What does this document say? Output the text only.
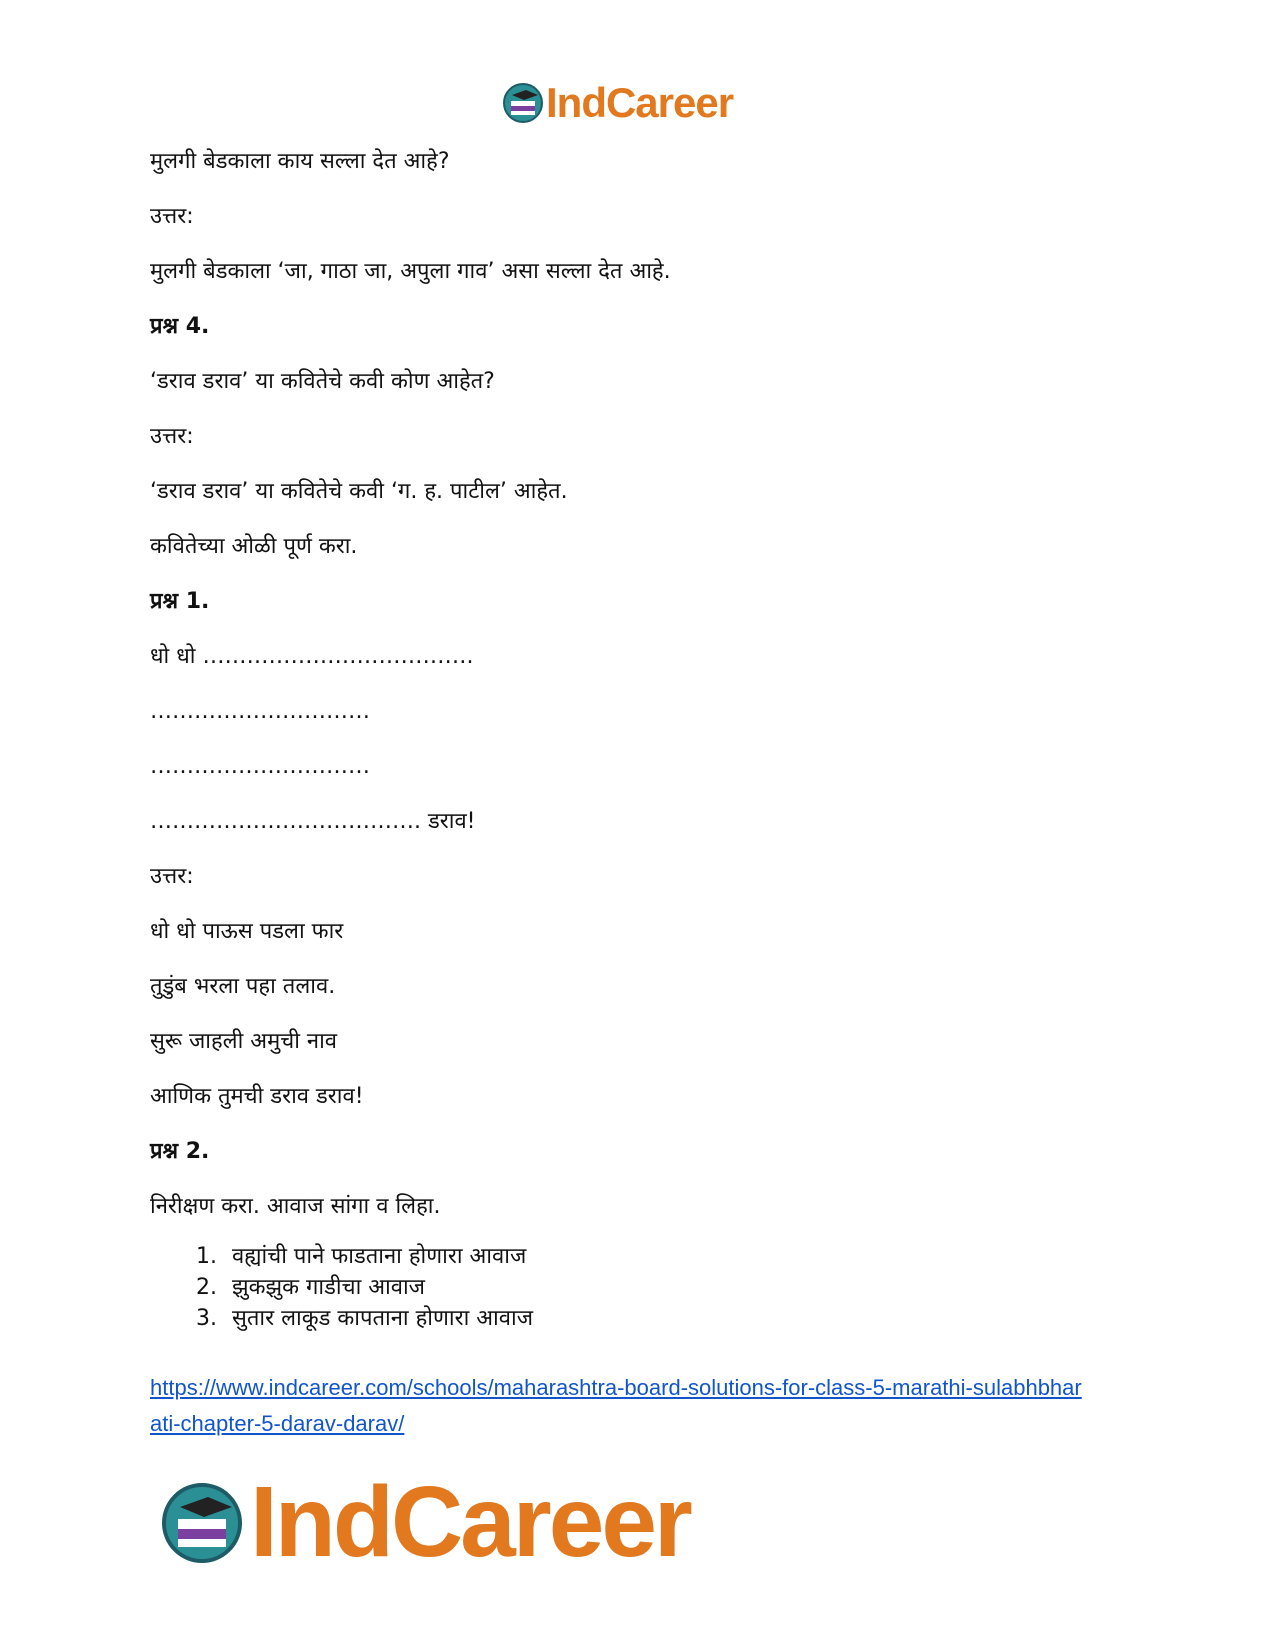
IndCareer
मुलगी बेडकाला काय सल्ला देत आहे?
उत्तर:
मुलगी बेडकाला ‘जा, गाठा जा, अपुला गाव’ असा सल्ला देत आहे.
प्रश्न 4.
‘डराव डराव’ या कवितेचे कवी कोण आहेत?
उत्तर:
‘डराव डराव’ या कवितेचे कवी ‘ग. ह. पाटील’ आहेत.
कवितेच्या ओळी पूर्ण करा.
प्रश्न 1.
धो धो ……………………………….
…………………………
…………………………
………………………………. डराव!
उत्तर:
धो धो पाऊस पडला फार
तुडुंब भरला पहा तलाव.
सुरू जाहली अमुची नाव
आणिक तुमची डराव डराव!
प्रश्न 2.
निरीक्षण करा. आवाज सांगा व लिहा.
1. वह्यांची पाने फाडताना होणारा आवाज
2. झुकझुक गाडीचा आवाज
3. सुतार लाकूड कापताना होणारा आवाज
https://www.indcareer.com/schools/maharashtra-board-solutions-for-class-5-marathi-sulabhbhar
ati-chapter-5-darav-darav/
IndCareer
